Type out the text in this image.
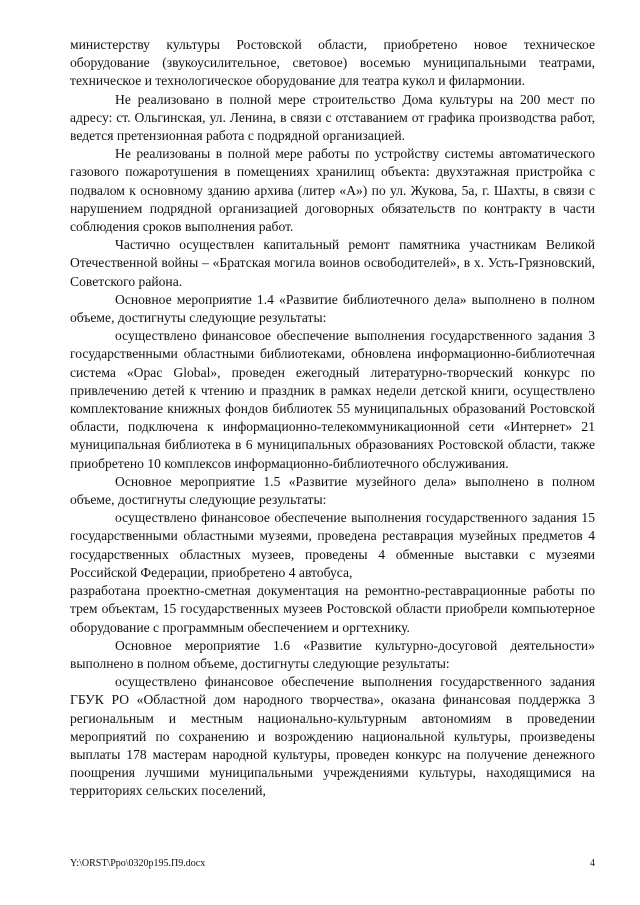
министерству культуры Ростовской области, приобретено новое техническое оборудование (звукоусилительное, световое) восемью муниципальными театрами, техническое и технологическое оборудование для театра кукол и филармонии.

Не реализовано в полной мере строительство Дома культуры на 200 мест по адресу: ст. Ольгинская, ул. Ленина, в связи с отставанием от графика производства работ, ведется претензионная работа с подрядной организацией.

Не реализованы в полной мере работы по устройству системы автоматического газового пожаротушения в помещениях хранилищ объекта: двухэтажная пристройка с подвалом к основному зданию архива (литер «А») по ул. Жукова, 5а, г. Шахты, в связи с нарушением подрядной организацией договорных обязательств по контракту в части соблюдения сроков выполнения работ.

Частично осуществлен капитальный ремонт памятника участникам Великой Отечественной войны – «Братская могила воинов освободителей», в х. Усть-Грязновский, Советского района.

Основное мероприятие 1.4 «Развитие библиотечного дела» выполнено в полном объеме, достигнуты следующие результаты:

осуществлено финансовое обеспечение выполнения государственного задания 3 государственными областными библиотеками, обновлена информационно-библиотечная система «Opac Global», проведен ежегодный литературно-творческий конкурс по привлечению детей к чтению и праздник в рамках недели детской книги, осуществлено комплектование книжных фондов библиотек 55 муниципальных образований Ростовской области, подключена к информационно-телекоммуникационной сети «Интернет» 21 муниципальная библиотека в 6 муниципальных образованиях Ростовской области, также приобретено 10 комплексов информационно-библиотечного обслуживания.

Основное мероприятие 1.5 «Развитие музейного дела» выполнено в полном объеме, достигнуты следующие результаты:

осуществлено финансовое обеспечение выполнения государственного задания 15 государственными областными музеями, проведена реставрация музейных предметов 4 государственных областных музеев, проведены 4 обменные выставки с музеями Российской Федерации, приобретено 4 автобуса,

разработана проектно-сметная документация на ремонтно-реставрационные работы по трем объектам, 15 государственных музеев Ростовской области приобрели компьютерное оборудование с программным обеспечением и оргтехнику.

Основное мероприятие 1.6 «Развитие культурно-досуговой деятельности» выполнено в полном объеме, достигнуты следующие результаты:

осуществлено финансовое обеспечение выполнения государственного задания ГБУК РО «Областной дом народного творчества», оказана финансовая поддержка 3 региональным и местным национально-культурным автономиям в проведении мероприятий по сохранению и возрождению национальной культуры, произведены выплаты 178 мастерам народной культуры, проведен конкурс на получение денежного поощрения лучшими муниципальными учреждениями культуры, находящимися на территориях сельских поселений,

Y:\ORST\Ppo\0320p195.П9.docx	4
